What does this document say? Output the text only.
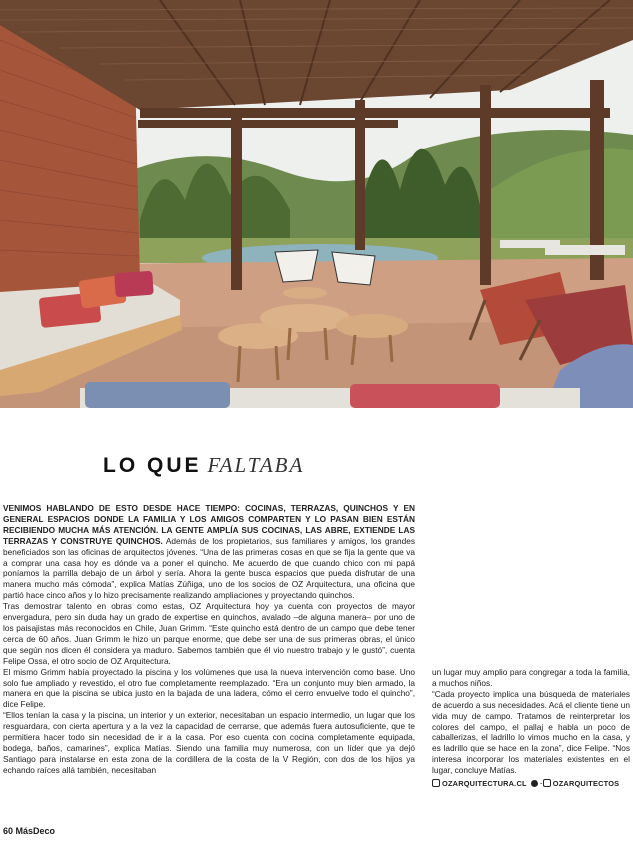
LO QUE FALTABA

VENIMOS HABLANDO DE ESTO DESDE HACE TIEMPO: COCINAS, TERRAZAS, QUINCHOS Y EN GENERAL ESPACIOS DONDE LA FAMILIA Y LOS AMIGOS COMPARTEN Y LO PASAN BIEN ESTÁN RECIBIENDO MUCHA MÁS ATENCIÓN. LA GENTE AMPLÍA SUS COCINAS, LAS ABRE, EXTIENDE LAS TERRAZAS Y CONSTRUYE QUINCHOS. Además de los propietarios, sus familiares y amigos, los grandes beneficiados son las oficinas de arquitectos jóvenes. “Una de las primeras cosas en que se fija la gente que va a comprar una casa hoy es dónde va a poner el quincho. Me acuerdo de que cuando chico con mi papá poníamos la parrilla debajo de un árbol y sería. Ahora la gente busca espacios que pueda disfrutar de una manera mucho más cómoda”, explica Matías Zúñiga, uno de los socios de OZ Arquitectura, una oficina que partió hace cinco años y lo hizo precisamente realizando ampliaciones y proyectando quinchos.

Tras demostrar talento en obras como estas, OZ Arquitectura hoy ya cuenta con proyectos de mayor envergadura, pero sin duda hay un grado de expertise en quinchos, avalado –de alguna manera– por uno de los paisajistas más reconocidos en Chile, Juan Grimm. “Este quincho está dentro de un campo que debe tener cerca de 60 años. Juan Grimm le hizo un parque enorme, que debe ser una de sus primeras obras, el único que según nos dicen él considera ya maduro. Sabemos también que él vio nuestro trabajo y le gustó”, cuenta Felipe Ossa, el otro socio de OZ Arquitectura.

El mismo Grimm había proyectado la piscina y los volúmenes que usa la nueva intervención como base. Uno solo fue ampliado y revestido, el otro fue completamente reemplazado. “Era un conjunto muy bien armado, la manera en que la piscina se ubica justo en la bajada de una ladera, cómo el cerro envuelve todo el quincho”, dice Felipe.

“Ellos tenían la casa y la piscina, un interior y un exterior, necesitaban un espacio intermedio, un lugar que los resguardara, con cierta apertura y a la vez la capacidad de cerrarse, que además fuera autosuficiente, que te permitiera hacer todo sin necesidad de ir a la casa. Por eso cuenta con cocina completamente equipada, bodega, baños, camarines”, explica Matías. Siendo una familia muy numerosa, con un líder que ya dejó Santiago para instalarse en esta zona de la cordillera de la costa de la V Región, con dos de los hijos ya echando raíces allá también, necesitaban

un lugar muy amplio para congregar a toda la familia, a muchos niños.

“Cada proyecto implica una búsqueda de materiales de acuerdo a sus necesidades. Acá el cliente tiene un vida muy de campo. Tratamos de reinterpretar los colores del campo, el pallaj e habla un poco de caballerizas, el ladrillo lo vimos mucho en la casa, y es ladrillo que se hace en la zona”, dice Felipe. “Nos interesa incorporar los materiales existentes en el lugar, concluye Matías.

OZARQUITECTURA.CL · OZARQUITECTOS
60 MásDeco
